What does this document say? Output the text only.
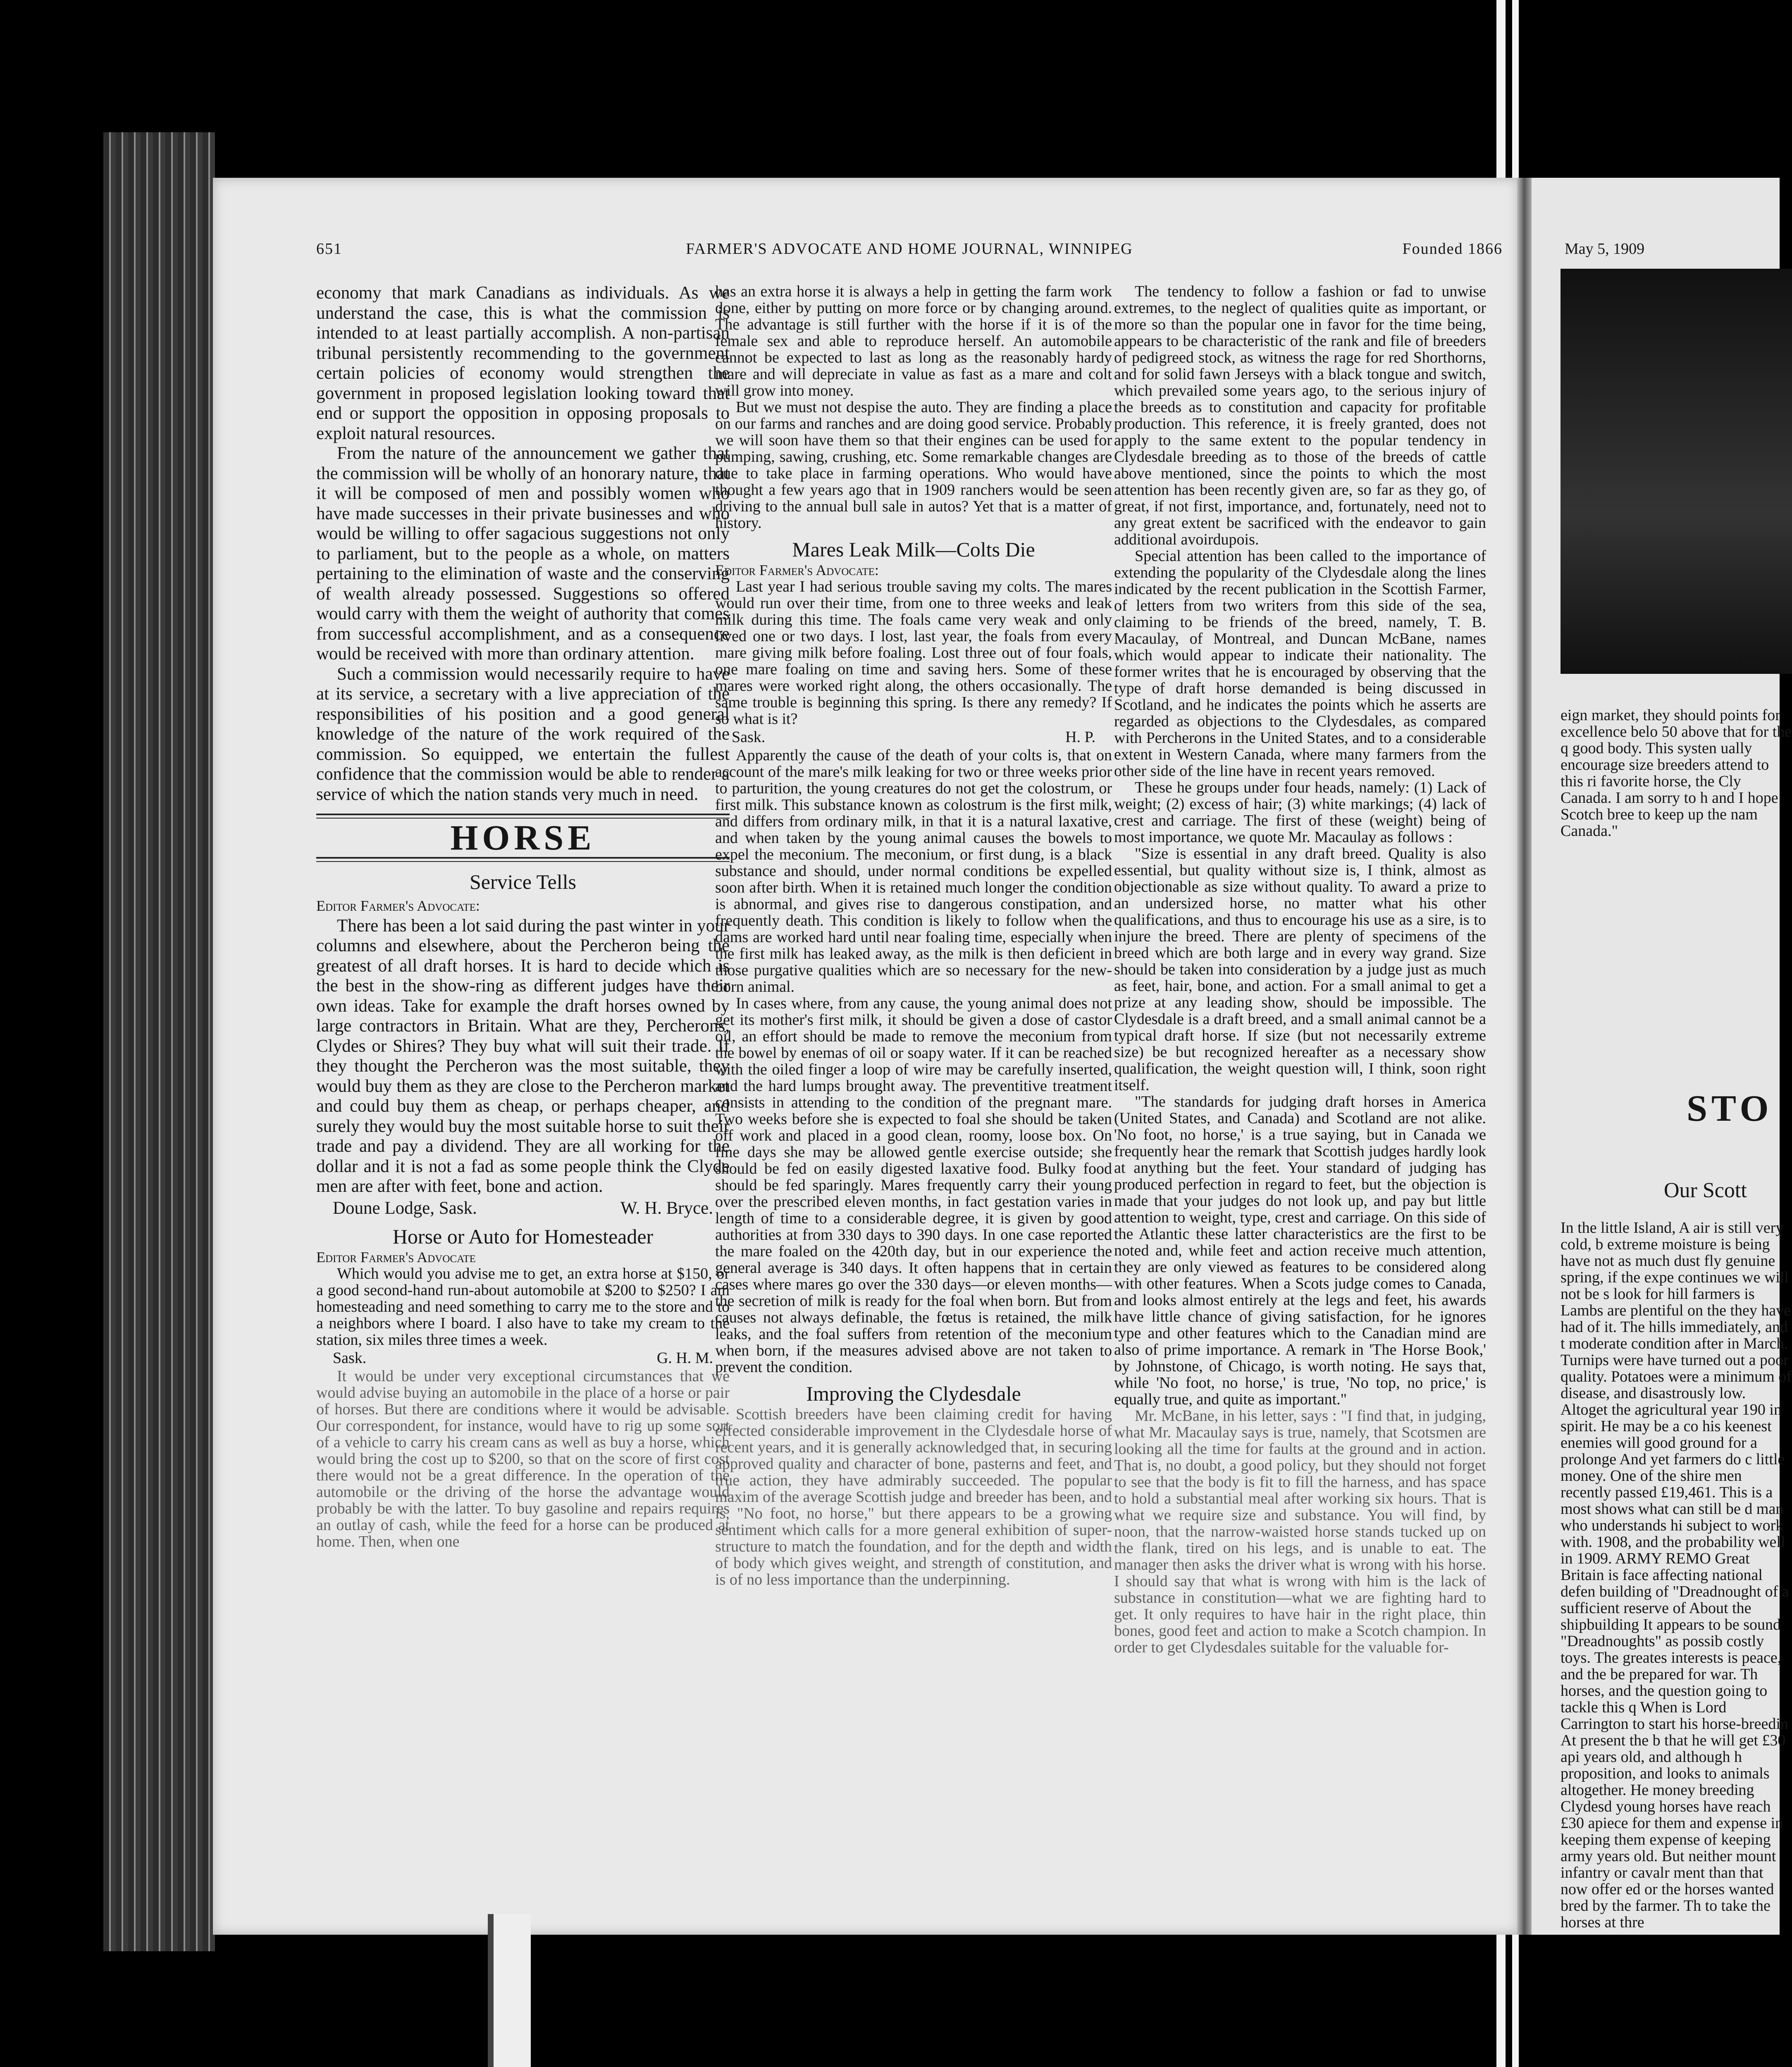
651	FARMER'S ADVOCATE AND HOME JOURNAL, WINNIPEG	Founded 1866

economy that mark Canadians as individuals. As we understand the case, this is what the commission is intended to at least partially accomplish. A non-partisan tribunal persistently recommending to the government certain policies of economy would strengthen the government in proposed legislation looking toward that end or support the opposition in opposing proposals to exploit natural resources.

From the nature of the announcement we gather that the commission will be wholly of an honorary nature, that it will be composed of men and possibly women who have made successes in their private businesses and who would be willing to offer sagacious suggestions not only to parliament, but to the people as a whole, on matters pertaining to the elimination of waste and the conserving of wealth already possessed. Suggestions so offered would carry with them the weight of authority that comes from successful accomplishment, and as a consequence would be received with more than ordinary attention.

Such a commission would necessarily require to have at its service, a secretary with a live appreciation of the responsibilities of his position and a good general knowledge of the nature of the work required of the commission. So equipped, we entertain the fullest confidence that the commission would be able to render a service of which the nation stands very much in need.

HORSE
Service Tells

Editor Farmer's Advocate:

There has been a lot said during the past winter in your columns and elsewhere, about the Percheron being the greatest of all draft horses. It is hard to decide which is the best in the show-ring as different judges have their own ideas. Take for example the draft horses owned by large contractors in Britain. What are they, Percherons, Clydes or Shires? They buy what will suit their trade. If they thought the Percheron was the most suitable, they would buy them as they are close to the Percheron market and could buy them as cheap, or perhaps cheaper, and surely they would buy the most suitable horse to suit their trade and pay a dividend. They are all working for the dollar and it is not a fad as some people think the Clyde men are after with feet, bone and action.

Doune Lodge, Sask.	W. H. Bryce.
Horse or Auto for Homesteader

Editor Farmer's Advocate

Which would you advise me to get, an extra horse at $150, or a good second-hand run-about automobile at $200 to $250? I am homesteading and need something to carry me to the store and to a neighbors where I board. I also have to take my cream to the station, six miles three times a week.

Sask.	G. H. M.

It would be under very exceptional circumstances that we would advise buying an automobile in the place of a horse or pair of horses. But there are conditions where it would be advisable. Our correspondent, for instance, would have to rig up some sort of a vehicle to carry his cream cans as well as buy a horse, which would bring the cost up to $200, so that on the score of first cost there would not be a great difference. In the operation of the automobile or the driving of the horse the advantage would probably be with the latter. To buy gasoline and repairs requires an outlay of cash, while the feed for a horse can be produced at home. Then, when one

has an extra horse it is always a help in getting the farm work done, either by putting on more force or by changing around. The advantage is still further with the horse if it is of the female sex and able to reproduce herself. An automobile cannot be expected to last as long as the reasonably hardy mare and will depreciate in value as fast as a mare and colt will grow into money.

But we must not despise the auto. They are finding a place on our farms and ranches and are doing good service. Probably we will soon have them so that their engines can be used for pumping, sawing, crushing, etc. Some remarkable changes are due to take place in farming operations. Who would have thought a few years ago that in 1909 ranchers would be seen driving to the annual bull sale in autos? Yet that is a matter of history.

Mares Leak Milk—Colts Die

Editor Farmer's Advocate:

Last year I had serious trouble saving my colts. The mares would run over their time, from one to three weeks and leak milk during this time. The foals came very weak and only lived one or two days. I lost, last year, the foals from every mare giving milk before foaling. Lost three out of four foals, one mare foaling on time and saving hers. Some of these mares were worked right along, the others occasionally. The same trouble is beginning this spring. Is there any remedy? If so what is it?

Sask.	H. P.

Apparently the cause of the death of your colts is, that on account of the mare's milk leaking for two or three weeks prior to parturition, the young creatures do not get the colostrum, or first milk. This substance known as colostrum is the first milk, and differs from ordinary milk, in that it is a natural laxative, and when taken by the young animal causes the bowels to expel the meconium. The meconium, or first dung, is a black substance and should, under normal conditions be expelled soon after birth. When it is retained much longer the condition is abnormal, and gives rise to dangerous constipation, and frequently death. This condition is likely to follow when the dams are worked hard until near foaling time, especially when the first milk has leaked away, as the milk is then deficient in those purgative qualities which are so necessary for the new-born animal.

In cases where, from any cause, the young animal does not get its mother's first milk, it should be given a dose of castor oil, an effort should be made to remove the meconium from the bowel by enemas of oil or soapy water. If it can be reached with the oiled finger a loop of wire may be carefully inserted, and the hard lumps brought away. The preventitive treatment consists in attending to the condition of the pregnant mare. Two weeks before she is expected to foal she should be taken off work and placed in a good clean, roomy, loose box. On fine days she may be allowed gentle exercise outside; she should be fed on easily digested laxative food. Bulky food should be fed sparingly. Mares frequently carry their young over the prescribed eleven months, in fact gestation varies in length of time to a considerable degree, it is given by good authorities at from 330 days to 390 days. In one case reported the mare foaled on the 420th day, but in our experience the general average is 340 days. It often happens that in certain cases where mares go over the 330 days—or eleven months—the secretion of milk is ready for the foal when born. But from causes not always definable, the fœtus is retained, the milk leaks, and the foal suffers from retention of the meconium when born, if the measures advised above are not taken to prevent the condition.

Improving the Clydesdale

Scottish breeders have been claiming credit for having effected considerable improvement in the Clydesdale horse of recent years, and it is generally acknowledged that, in securing approved quality and character of bone, pasterns and feet, and true action, they have admirably succeeded. The popular maxim of the average Scottish judge and breeder has been, and is, "No foot, no horse," but there appears to be a growing sentiment which calls for a more general exhibition of super-structure to match the foundation, and for the depth and width of body which gives weight, and strength of constitution, and is of no less importance than the underpinning.

The tendency to follow a fashion or fad to unwise extremes, to the neglect of qualities quite as important, or more so than the popular one in favor for the time being, appears to be characteristic of the rank and file of breeders of pedigreed stock, as witness the rage for red Shorthorns, and for solid fawn Jerseys with a black tongue and switch, which prevailed some years ago, to the serious injury of the breeds as to constitution and capacity for profitable production. This reference, it is freely granted, does not apply to the same extent to the popular tendency in Clydesdale breeding as to those of the breeds of cattle above mentioned, since the points to which the most attention has been recently given are, so far as they go, of great, if not first, importance, and, fortunately, need not to any great extent be sacrificed with the endeavor to gain additional avoirdupois.

Special attention has been called to the importance of extending the popularity of the Clydesdale along the lines indicated by the recent publication in the Scottish Farmer, of letters from two writers from this side of the sea, claiming to be friends of the breed, namely, T. B. Macaulay, of Montreal, and Duncan McBane, names which would appear to indicate their nationality. The former writes that he is encouraged by observing that the type of draft horse demanded is being discussed in Scotland, and he indicates the points which he asserts are regarded as objections to the Clydesdales, as compared with Percherons in the United States, and to a considerable extent in Western Canada, where many farmers from the other side of the line have in recent years removed.

These he groups under four heads, namely: (1) Lack of weight; (2) excess of hair; (3) white markings; (4) lack of crest and carriage. The first of these (weight) being of most importance, we quote Mr. Macaulay as follows :

"Size is essential in any draft breed. Quality is also essential, but quality without size is, I think, almost as objectionable as size without quality. To award a prize to an undersized horse, no matter what his other qualifications, and thus to encourage his use as a sire, is to injure the breed. There are plenty of specimens of the breed which are both large and in every way grand. Size should be taken into consideration by a judge just as much as feet, hair, bone, and action. For a small animal to get a prize at any leading show, should be impossible. The Clydesdale is a draft breed, and a small animal cannot be a typical draft horse. If size (but not necessarily extreme size) be but recognized hereafter as a necessary show qualification, the weight question will, I think, soon right itself.

"The standards for judging draft horses in America (United States, and Canada) and Scotland are not alike. 'No foot, no horse,' is a true saying, but in Canada we frequently hear the remark that Scottish judges hardly look at anything but the feet. Your standard of judging has produced perfection in regard to feet, but the objection is made that your judges do not look up, and pay but little attention to weight, type, crest and carriage. On this side of the Atlantic these latter characteristics are the first to be noted and, while feet and action receive much attention, they are only viewed as features to be considered along with other features. When a Scots judge comes to Canada, and looks almost entirely at the legs and feet, his awards have little chance of giving satisfaction, for he ignores type and other features which to the Canadian mind are also of prime importance. A remark in 'The Horse Book,' by Johnstone, of Chicago, is worth noting. He says that, while 'No foot, no horse,' is true, 'No top, no price,' is equally true, and quite as important."

Mr. McBane, in his letter, says : "I find that, in judging, what Mr. Macaulay says is true, namely, that Scotsmen are looking all the time for faults at the ground and in action. That is, no doubt, a good policy, but they should not forget to see that the body is fit to fill the harness, and has space to hold a substantial meal after working six hours. That is what we require size and substance. You will find, by noon, that the narrow-waisted horse stands tucked up on the flank, tired on his legs, and is unable to eat. The manager then asks the driver what is wrong with his horse. I should say that what is wrong with him is the lack of substance in constitution—what we are fighting hard to get. It only requires to have hair in the right place, thin bones, good feet and action to make a Scotch champion. In order to get Clydesdales suitable for the valuable for-

May 5, 1909
STEER
eign market, they should points for excellence belo 50 above that for the q good body. This systen ually encourage size breeders attend to this ri favorite horse, the Cly Canada. I am sorry to h and I hope Scotch bree to keep up the nam Canada."
STO
Our Scott
In the little Island, A air is still very cold, b extreme moisture is being have not as much dust fly genuine spring, if the expe continues we will not be s look for hill farmers is Lambs are plentiful on the they have had of it. The hills immediately, and t moderate condition after in March. Turnips were have turned out a poor quality. Potatoes were a minimum of disease, and disastrously low. Altoget the agricultural year 190 in spirit. He may be a co his keenest enemies will good ground for a prolonge And yet farmers do c little money. One of the shire men recently passed £19,461. This is a most shows what can still be d man who understands hi subject to work with. 1908, and the probability well in 1909. ARMY REMO Great Britain is face affecting national defen building of "Dreadnought of a sufficient reserve of About the shipbuilding It appears to be sound "Dreadnoughts" as possib costly toys. The greates interests is peace, and the be prepared for war. Th horses, and the question going to tackle this q When is Lord Carrington to start his horse-breedin At present the b that he will get £30 api years old, and although h proposition, and looks to animals altogether. He money breeding Clydesd young horses have reach £30 apiece for them and expense in keeping them expense of keeping army years old. But neither mount infantry or cavalr ment than that now offer ed or the horses wanted bred by the farmer. Th to take the horses at thre
